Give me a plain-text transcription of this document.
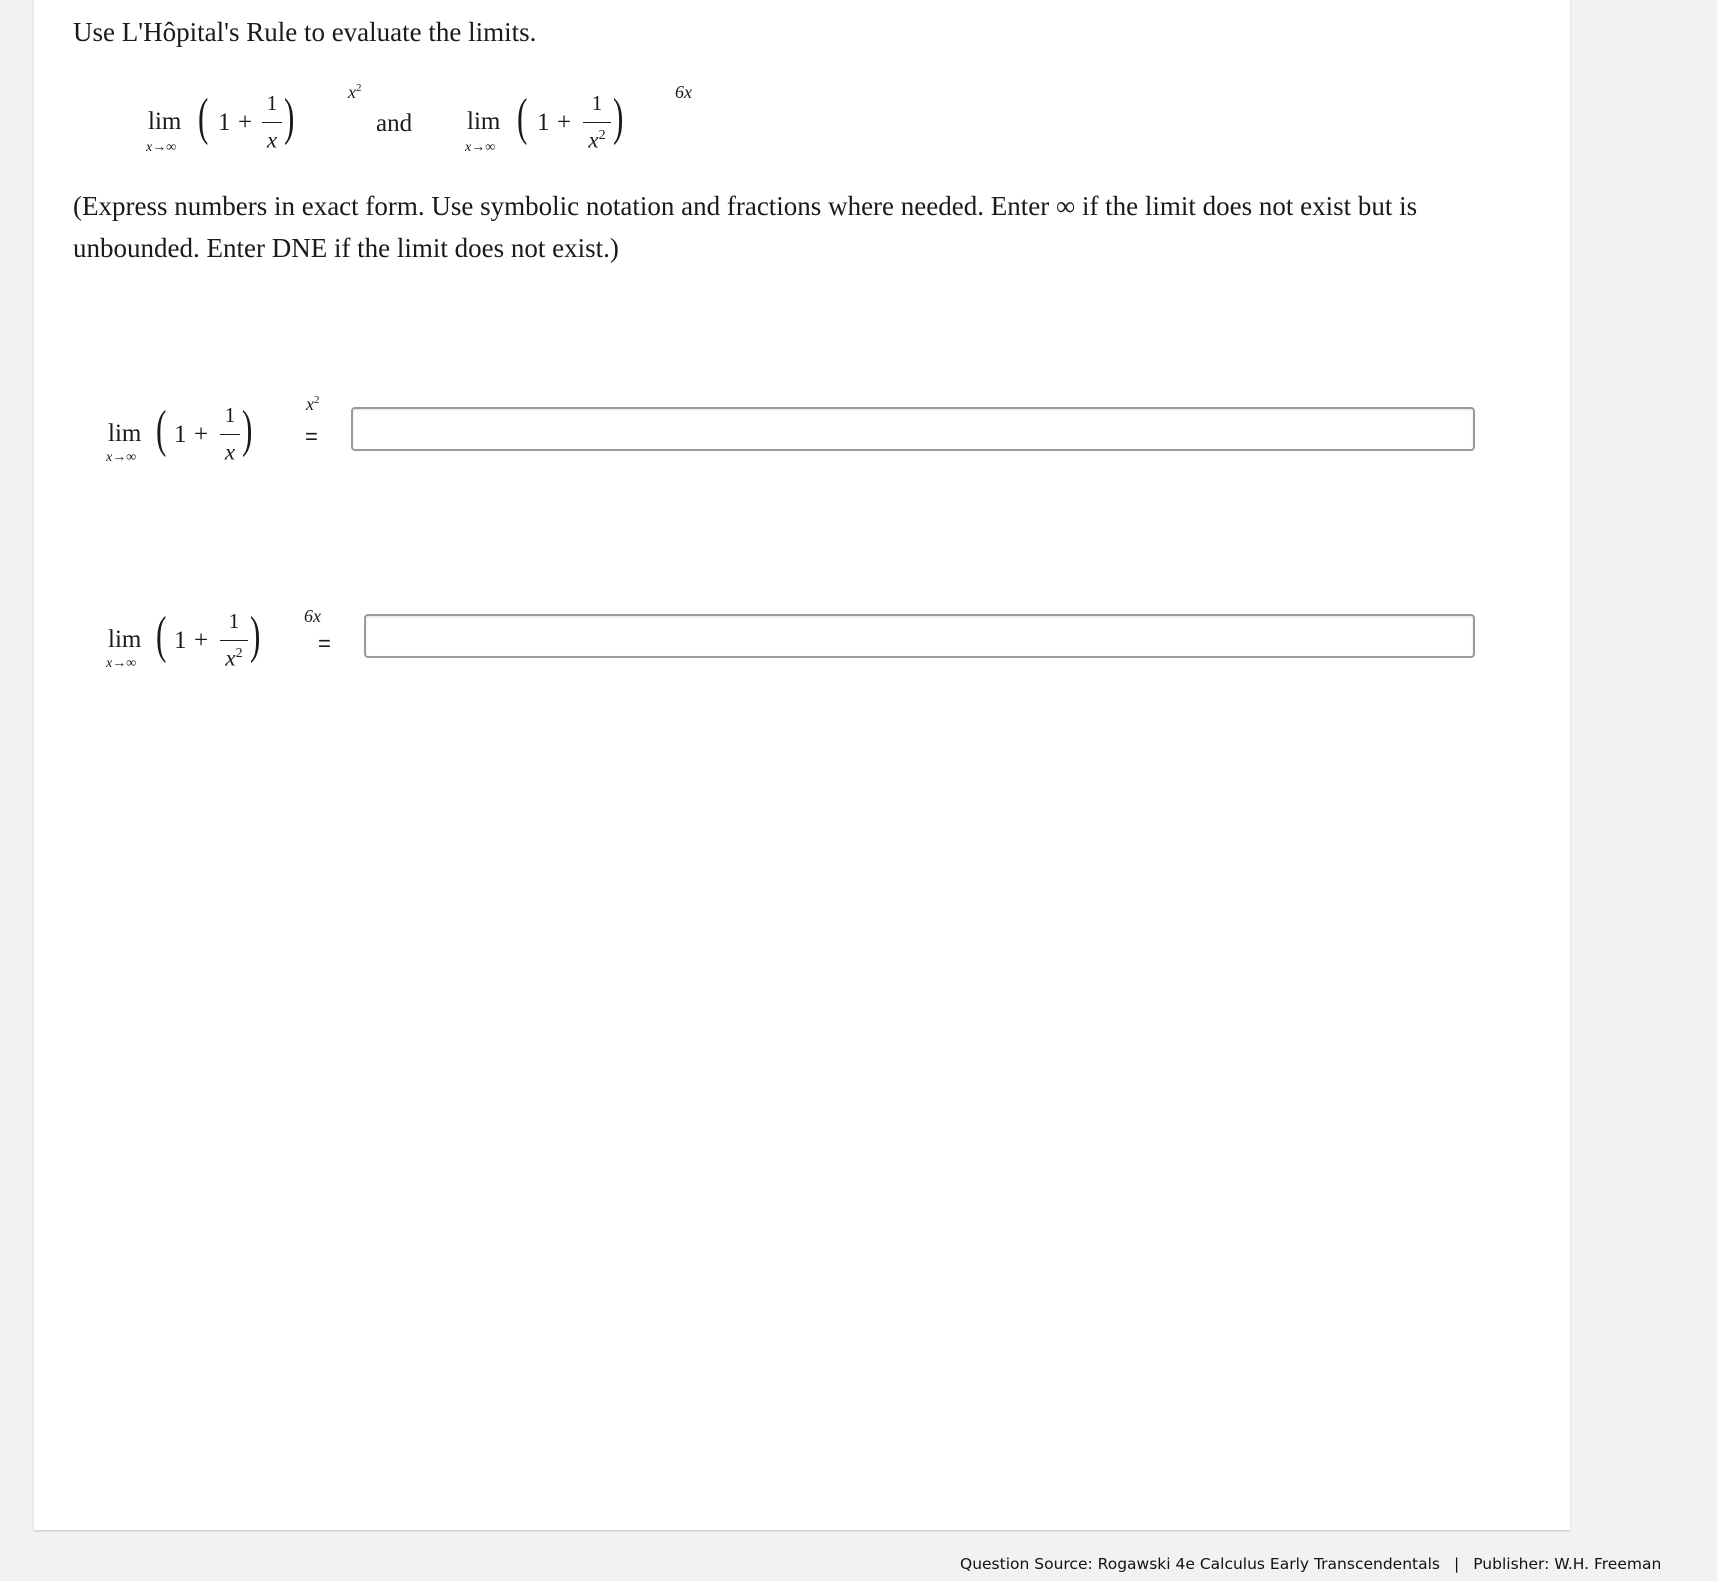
Use L'Hôpital's Rule to evaluate the limits.

lim
x→∞
( 1 +
1
x )	$x^2$
and lim
x→∞
( 1 +
1
$x^2$ )	6x

(Express numbers in exact form. Use symbolic notation and fractions where needed. Enter ∞ if the limit does not exist but is unbounded. Enter DNE if the limit does not exist.)

lim
x→∞ ( 1 +
1
x )	$x^2$
=
lim
x→∞ ( 1 +
1
$x^2$ ) 6x
=
Question Source: Rogawski 4e Calculus Early Transcendentals | Publisher: W.H. Freeman
